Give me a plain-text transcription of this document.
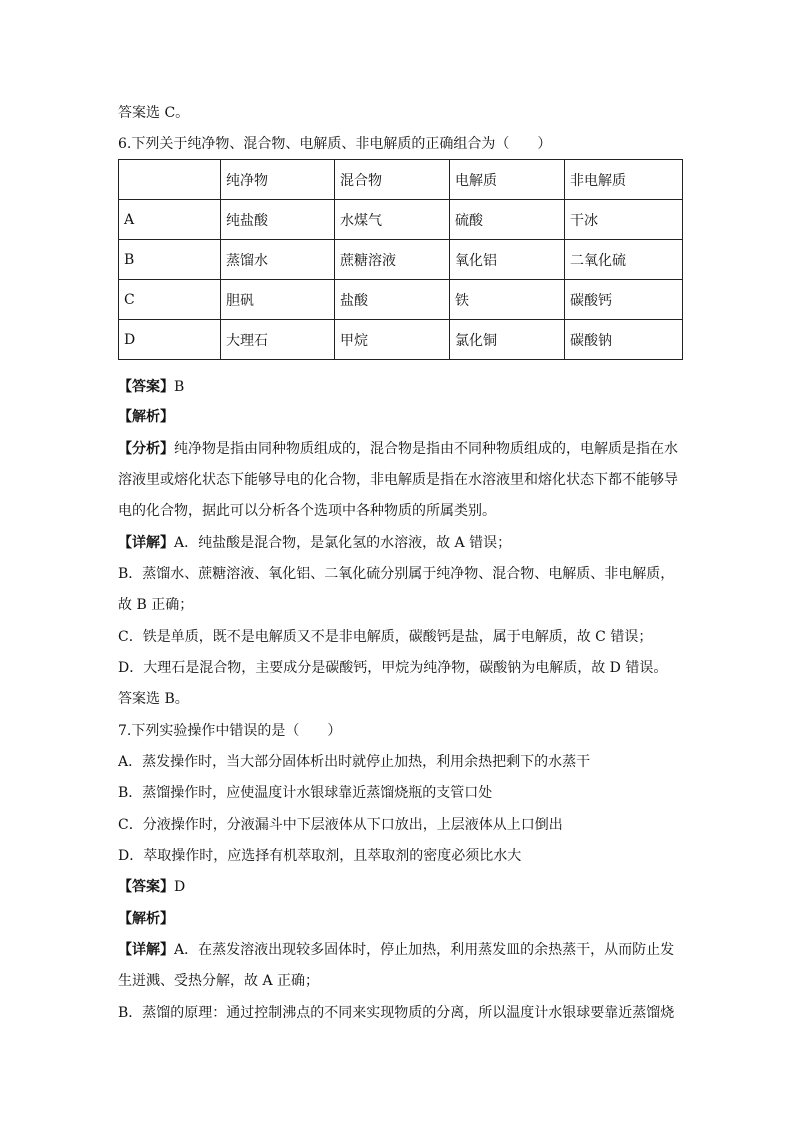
答案选 C。
6.下列关于纯净物、混合物、电解质、非电解质的正确组合为（　　）
	纯净物	混合物	电解质	非电解质
A	纯盐酸	水煤气	硫酸	干冰
B	蒸馏水	蔗糖溶液	氧化铝	二氧化硫
C	胆矾	盐酸	铁	碳酸钙
D	大理石	甲烷	氯化铜	碳酸钠
【答案】B
【解析】
【分析】纯净物是指由同种物质组成的，混合物是指由不同种物质组成的，电解质是指在水
溶液里或熔化状态下能够导电的化合物，非电解质是指在水溶液里和熔化状态下都不能够导
电的化合物，据此可以分析各个选项中各种物质的所属类别。
【详解】A．纯盐酸是混合物，是氯化氢的水溶液，故 A 错误；
B．蒸馏水、蔗糖溶液、氧化铝、二氧化硫分别属于纯净物、混合物、电解质、非电解质，
故 B 正确；
C．铁是单质，既不是电解质又不是非电解质，碳酸钙是盐，属于电解质，故 C 错误；
D．大理石是混合物，主要成分是碳酸钙，甲烷为纯净物，碳酸钠为电解质，故 D 错误。
答案选 B。
7.下列实验操作中错误的是（　　）
A．蒸发操作时，当大部分固体析出时就停止加热，利用余热把剩下的水蒸干
B．蒸馏操作时，应使温度计水银球靠近蒸馏烧瓶的支管口处
C．分液操作时，分液漏斗中下层液体从下口放出，上层液体从上口倒出
D．萃取操作时，应选择有机萃取剂，且萃取剂的密度必须比水大
【答案】D
【解析】
【详解】A．在蒸发溶液出现较多固体时，停止加热，利用蒸发皿的余热蒸干，从而防止发
生迸溅、受热分解，故 A 正确；
B．蒸馏的原理：通过控制沸点的不同来实现物质的分离，所以温度计水银球要靠近蒸馏烧
